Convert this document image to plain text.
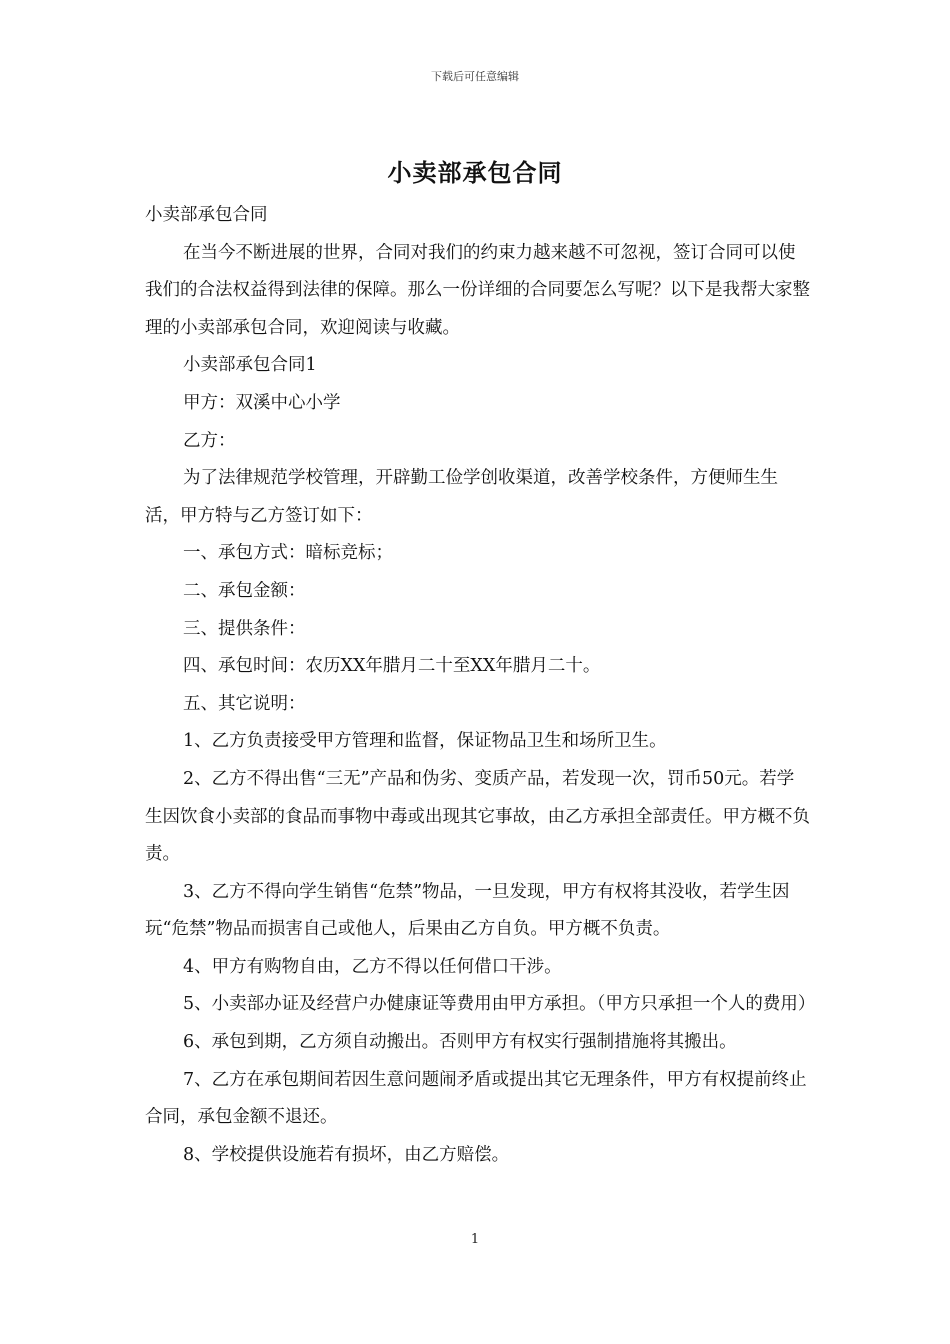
下载后可任意编辑
小卖部承包合同

小卖部承包合同

在当今不断进展的世界，合同对我们的约束力越来越不可忽视，签订合同可以使我们的合法权益得到法律的保障。那么一份详细的合同要怎么写呢？以下是我帮大家整理的小卖部承包合同，欢迎阅读与收藏。

小卖部承包合同1

甲方：双溪中心小学

乙方：

为了法律规范学校管理，开辟勤工俭学创收渠道，改善学校条件，方便师生生活，甲方特与乙方签订如下：

一、承包方式：暗标竞标；

二、承包金额：

三、提供条件：

四、承包时间：农历XX年腊月二十至XX年腊月二十。

五、其它说明：

1、乙方负责接受甲方管理和监督，保证物品卫生和场所卫生。

2、乙方不得出售“三无”产品和伪劣、变质产品，若发现一次，罚币50元。若学生因饮食小卖部的食品而事物中毒或出现其它事故，由乙方承担全部责任。甲方概不负责。

3、乙方不得向学生销售“危禁”物品，一旦发现，甲方有权将其没收，若学生因玩“危禁”物品而损害自己或他人，后果由乙方自负。甲方概不负责。

4、甲方有购物自由，乙方不得以任何借口干涉。

5、小卖部办证及经营户办健康证等费用由甲方承担。（甲方只承担一个人的费用）

6、承包到期，乙方须自动搬出。否则甲方有权实行强制措施将其搬出。

7、乙方在承包期间若因生意问题闹矛盾或提出其它无理条件，甲方有权提前终止合同，承包金额不退还。

8、学校提供设施若有损坏，由乙方赔偿。

1
